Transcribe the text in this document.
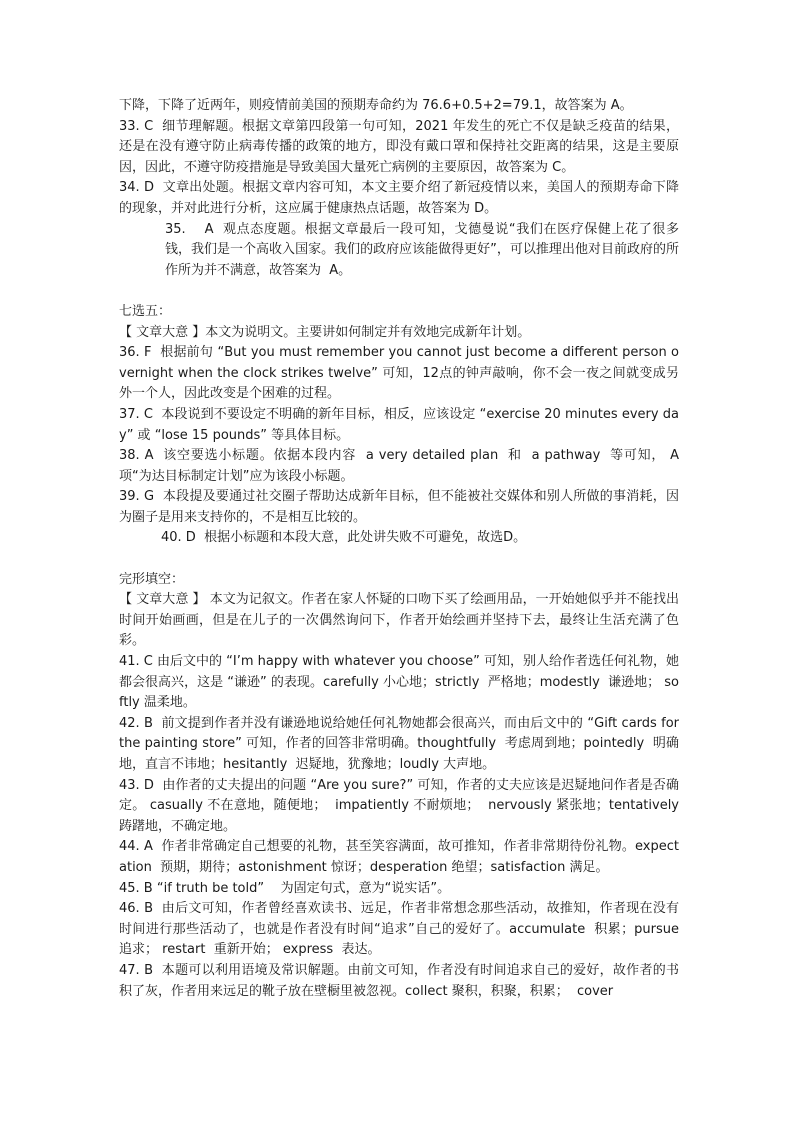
下降，下降了近两年，则疫情前美国的预期寿命约为 76.6+0.5+2=79.1，故答案为 A。

33. C  细节理解题。根据文章第四段第一句可知，2021 年发生的死亡不仅是缺乏疫苗的结果，还是在没有遵守防止病毒传播的政策的地方，即没有戴口罩和保持社交距离的结果，这是主要原因，因此，不遵守防疫措施是导致美国大量死亡病例的主要原因，故答案为 C。

34. D  文章出处题。根据文章内容可知，本文主要介绍了新冠疫情以来，美国人的预期寿命下降的现象，并对此进行分析，这应属于健康热点话题，故答案为 D。

35.    A  观点态度题。根据文章最后一段可知，戈德曼说“我们在医疗保健上花了很多钱，我们是一个高收入国家。我们的政府应该能做得更好”，可以推理出他对目前政府的所作所为并不满意，故答案为  A。

七选五：

【 文章大意 】本文为说明文。主要讲如何制定并有效地完成新年计划。

36. F  根据前句 “But you must remember you cannot just become a different person overnight when the clock strikes twelve” 可知，12点的钟声敲响，你不会一夜之间就变成另外一个人，因此改变是个困难的过程。

37. C  本段说到不要设定不明确的新年目标，相反，应该设定 “exercise 20 minutes every day” 或 “lose 15 pounds” 等具体目标。

38. A  该空要选小标题。依据本段内容  a very detailed plan  和  a pathway  等可知， A 项“为达目标制定计划”应为该段小标题。

39. G  本段提及要通过社交圈子帮助达成新年目标，但不能被社交媒体和别人所做的事消耗，因为圈子是用来支持你的，不是相互比较的。

40. D  根据小标题和本段大意，此处讲失败不可避免，故选D。

完形填空：

【 文章大意 】 本文为记叙文。作者在家人怀疑的口吻下买了绘画用品，一开始她似乎并不能找出时间开始画画，但是在儿子的一次偶然询问下，作者开始绘画并坚持下去，最终让生活充满了色彩。

41. C 由后文中的 “I’m happy with whatever you choose” 可知，别人给作者选任何礼物，她都会很高兴，这是 “谦逊” 的表现。carefully 小心地；strictly  严格地；modestly  谦逊地； softly 温柔地。

42. B  前文提到作者并没有谦逊地说给她任何礼物她都会很高兴，而由后文中的 “Gift cards for the painting store” 可知，作者的回答非常明确。thoughtfully  考虑周到地；pointedly  明确地，直言不讳地；hesitantly  迟疑地，犹豫地；loudly 大声地。

43. D  由作者的丈夫提出的问题 “Are you sure?” 可知，作者的丈夫应该是迟疑地问作者是否确定。 casually 不在意地，随便地；  impatiently 不耐烦地；  nervously 紧张地；tentatively 踌躇地，不确定地。

44. A  作者非常确定自己想要的礼物，甚至笑容满面，故可推知，作者非常期待份礼物。expectation  预期，期待；astonishment 惊讶；desperation 绝望；satisfaction 满足。

45. B “if truth be told”    为固定句式，意为“说实话”。

46. B  由后文可知，作者曾经喜欢读书、远足，作者非常想念那些活动，故推知，作者现在没有时间进行那些活动了，也就是作者没有时间“追求”自己的爱好了。accumulate  积累；pursue  追求； restart  重新开始； express  表达。

47. B  本题可以利用语境及常识解题。由前文可知，作者没有时间追求自己的爱好，故作者的书积了灰，作者用来远足的靴子放在壁橱里被忽视。collect 聚积，积聚，积累；  cover
